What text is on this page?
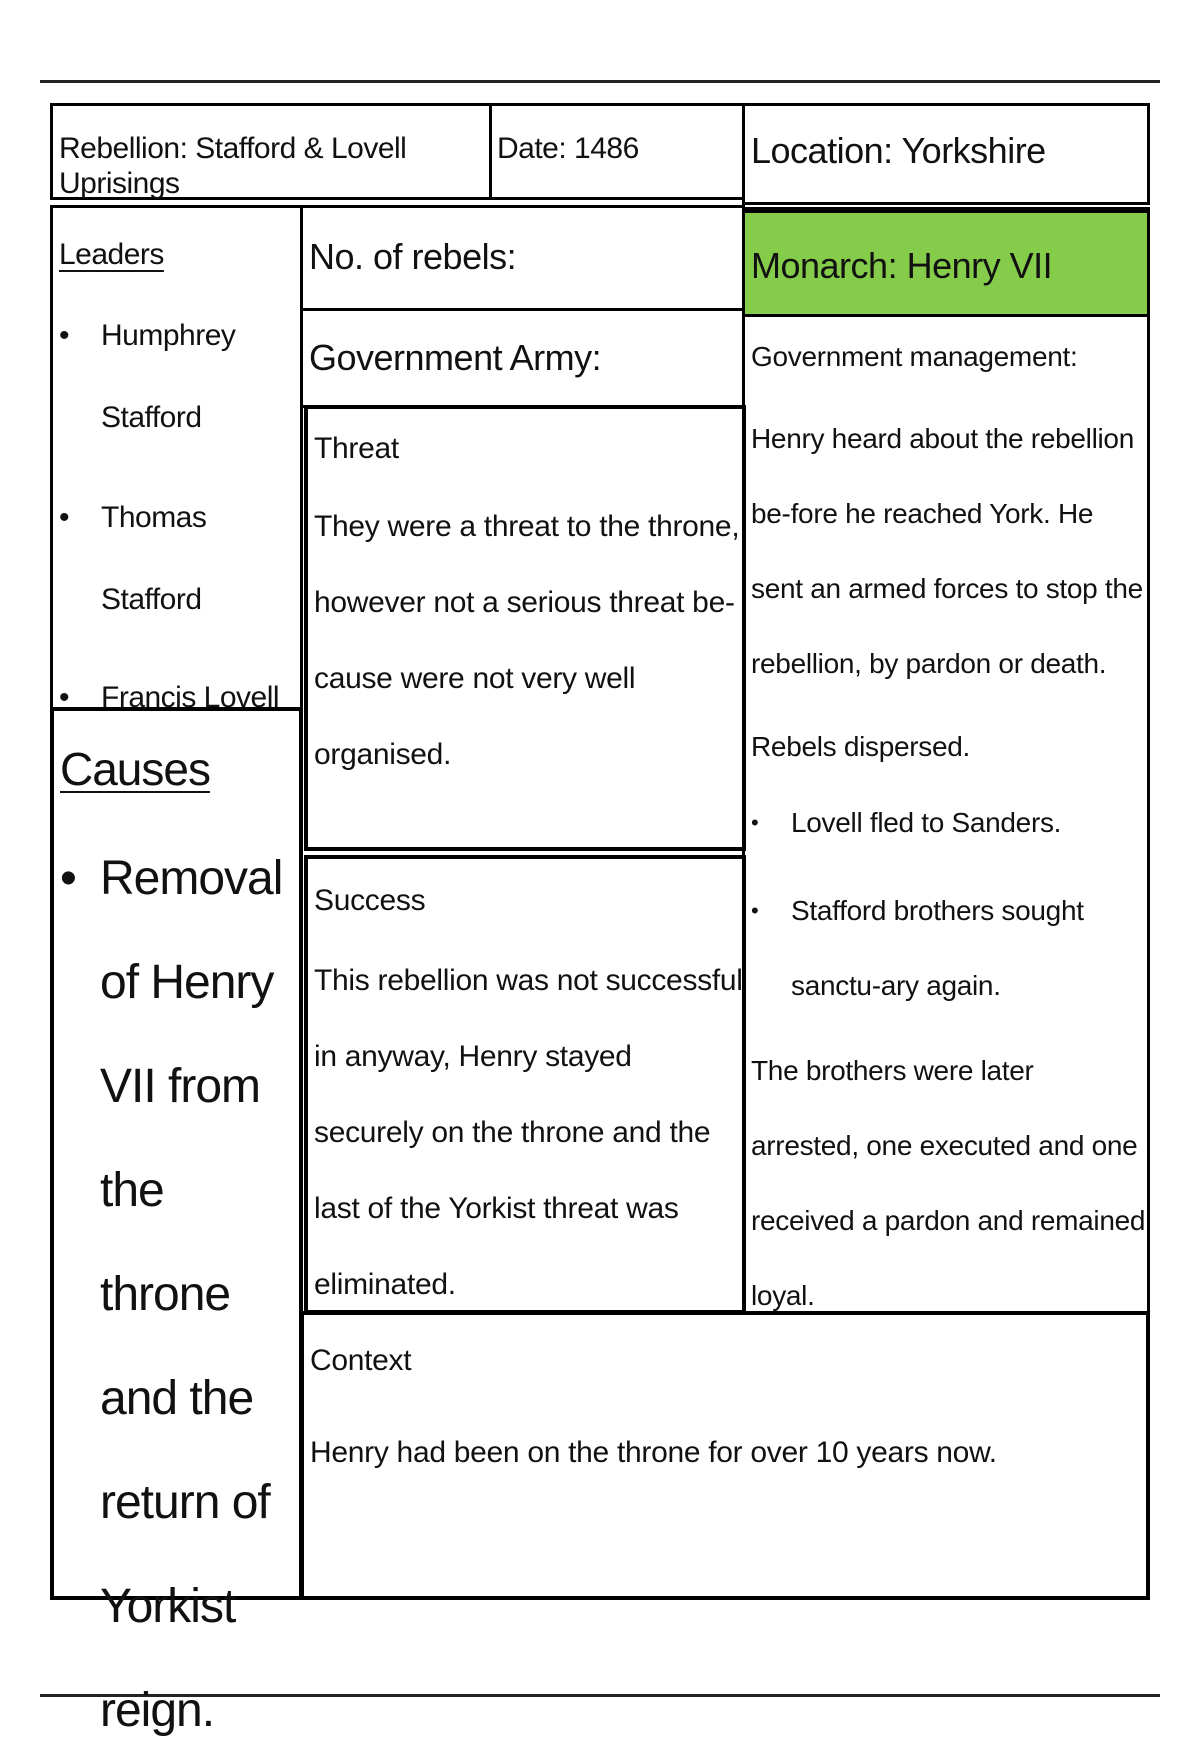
Rebellion: Stafford & Lovell Uprisings
Date: 1486	Location: Yorkshire
Leaders
• Humphrey Stafford
• Thomas Stafford
• Francis Lovell
No. of rebels:	Monarch: Henry VII
Government Army:	Government management:
Henry heard about the rebellion be-fore he reached York. He sent an armed forces to stop the rebellion, by pardon or death.
Rebels dispersed.
• Lovell fled to Sanders.
• Stafford brothers sought sanctu-ary again.
The brothers were later arrested, one executed and one received a pardon and remained loyal.
Threat
They were a threat to the throne, however not a serious threat be-cause were not very well organised.
Causes
• Removal of Henry VII from the throne and the return of Yorkist reign.
Success
This rebellion was not successful in anyway, Henry stayed securely on the throne and the last of the Yorkist threat was eliminated.
Context
Henry had been on the throne for over 10 years now.
